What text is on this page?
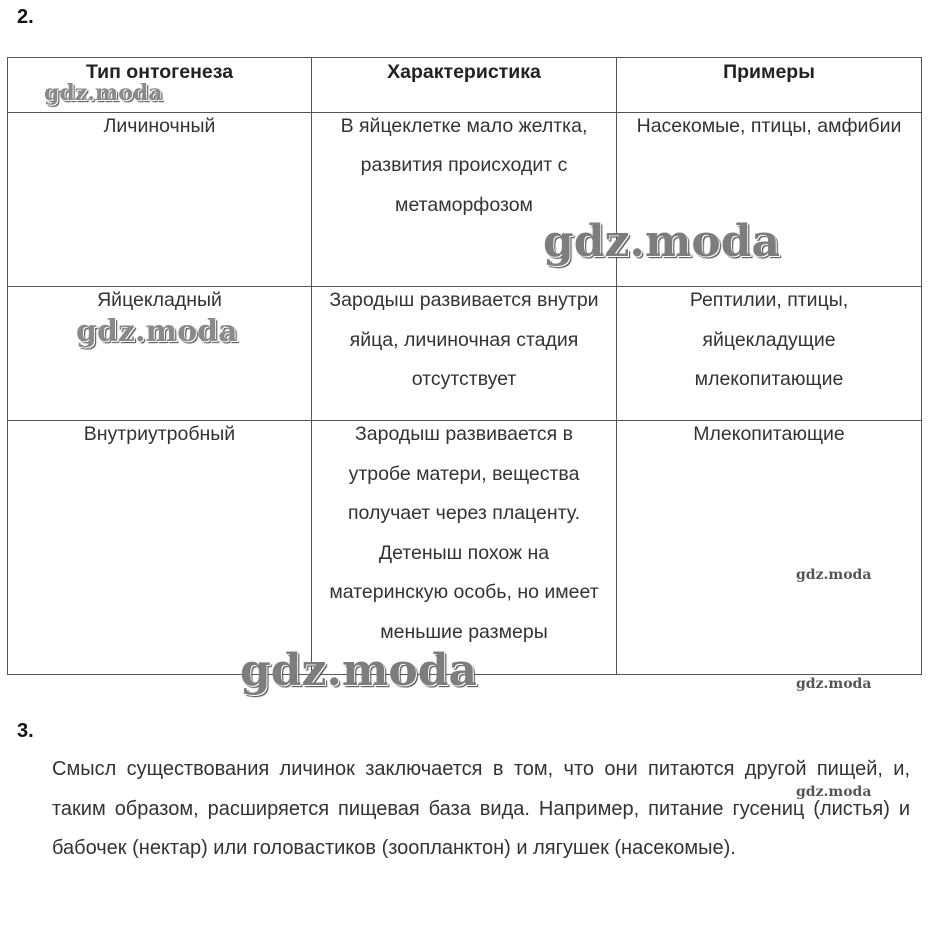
2.
Тип онтогенеза	Характеристика	Примеры

Личиночный	В яйцеклетке мало желтка, развития происходит с метаморфозом	Насекомые, птицы, амфибии

Яйцекладный	Зародыш развивается внутри яйца, личиночная стадия отсутствует	Рептилии, птицы, яйцекладущие млекопитающие

Внутриутробный	Зародыш развивается в утробе матери, вещества получает через плаценту. Детеныш похож на материнскую особь, но имеет меньшие размеры	Млекопитающие
3.
Смысл существования личинок заключается в том, что они питаются другой пищей, и, таким образом, расширяется пищевая база вида. Например, питание гусениц (листья) и бабочек (нектар) или головастиков (зоопланктон) и лягушек (насекомые).
gdz.moda
gdz.moda
gdz.moda
gdz.moda
gdz.moda	gdz.moda
gdz.moda
